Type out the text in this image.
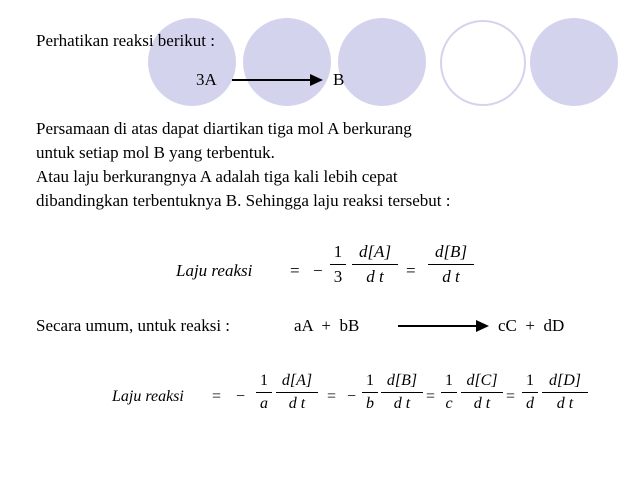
Perhatikan reaksi berikut :
3A	B
Persamaan di atas dapat diartikan tiga mol A berkurang
untuk setiap mol B yang terbentuk.
Atau laju berkurangnya A adalah tiga kali lebih cepat
dibandingkan terbentuknya B. Sehingga laju reaksi tersebut :
Laju reaksi = −
1
3
d[A]
d t	=
d[B]
d t
Secara umum, untuk reaksi :	aA  +  bB	cC  +  dD
Laju reaksi = −
1
a
d[A]
d t	= −
1
b
d[B]
d t =
1
c
d[C]
d t =
1
d
d[D]
d t
